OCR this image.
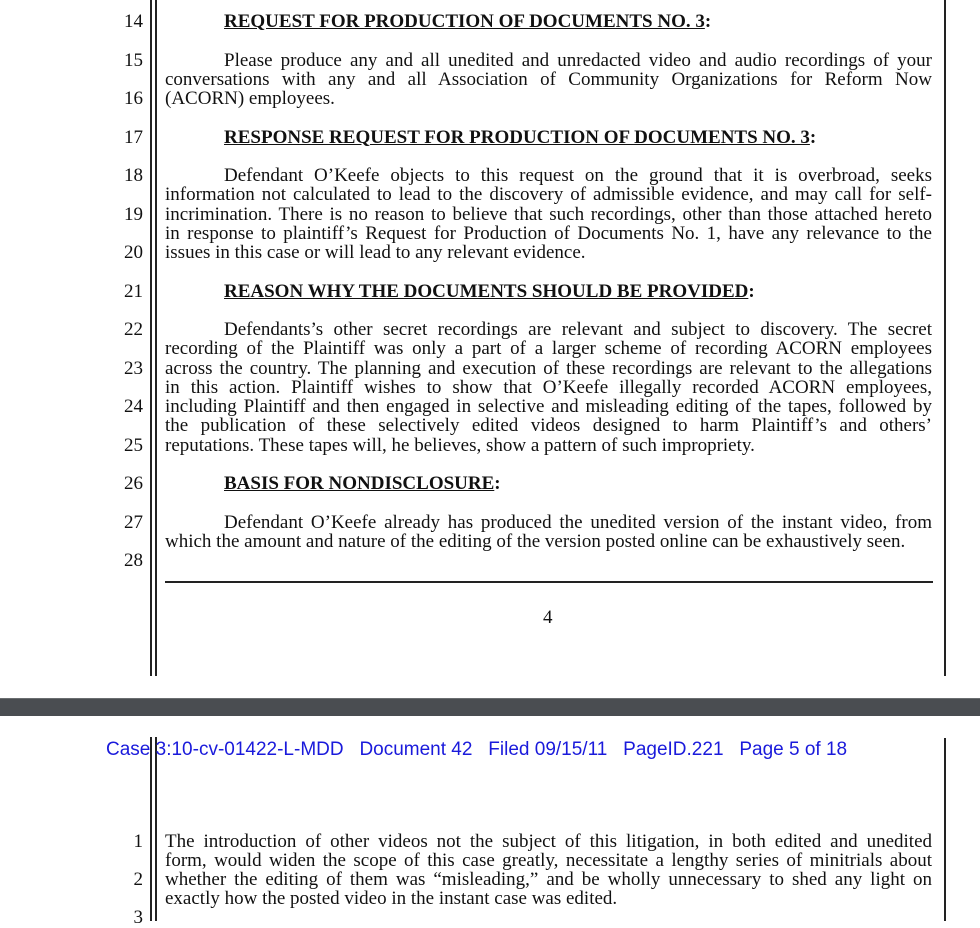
14
15
16
17
18
19
20
21
22
23
24
25
26
27
28
REQUEST FOR PRODUCTION OF DOCUMENTS NO. 3:
Please produce any and all unedited and unredacted video and audio recordings of your
conversations with any and all Association of Community Organizations for Reform Now
(ACORN) employees.
RESPONSE REQUEST FOR PRODUCTION OF DOCUMENTS NO. 3:
Defendant O’Keefe objects to this request on the ground that it is overbroad, seeks
information not calculated to lead to the discovery of admissible evidence, and may call for self-
incrimination. There is no reason to believe that such recordings, other than those attached hereto
in response to plaintiff’s Request for Production of Documents No. 1, have any relevance to the
issues in this case or will lead to any relevant evidence.
REASON WHY THE DOCUMENTS SHOULD BE PROVIDED:
Defendants’s other secret recordings are relevant and subject to discovery. The secret
recording of the Plaintiff was only a part of a larger scheme of recording ACORN employees
across the country. The planning and execution of these recordings are relevant to the allegations
in this action. Plaintiff wishes to show that O’Keefe illegally recorded ACORN employees,
including Plaintiff and then engaged in selective and misleading editing of the tapes, followed by
the publication of these selectively edited videos designed to harm Plaintiff’s and others’
reputations. These tapes will, he believes, show a pattern of such impropriety.
BASIS FOR NONDISCLOSURE:
Defendant O’Keefe already has produced the unedited version of the instant video, from
which the amount and nature of the editing of the version posted online can be exhaustively seen.
4
Case 3:10-cv-01422-L-MDD Document 42 Filed 09/15/11 PageID.221 Page 5 of 18
1
2
3
The introduction of other videos not the subject of this litigation, in both edited and unedited
form, would widen the scope of this case greatly, necessitate a lengthy series of minitrials about
whether the editing of them was “misleading,” and be wholly unnecessary to shed any light on
exactly how the posted video in the instant case was edited.
